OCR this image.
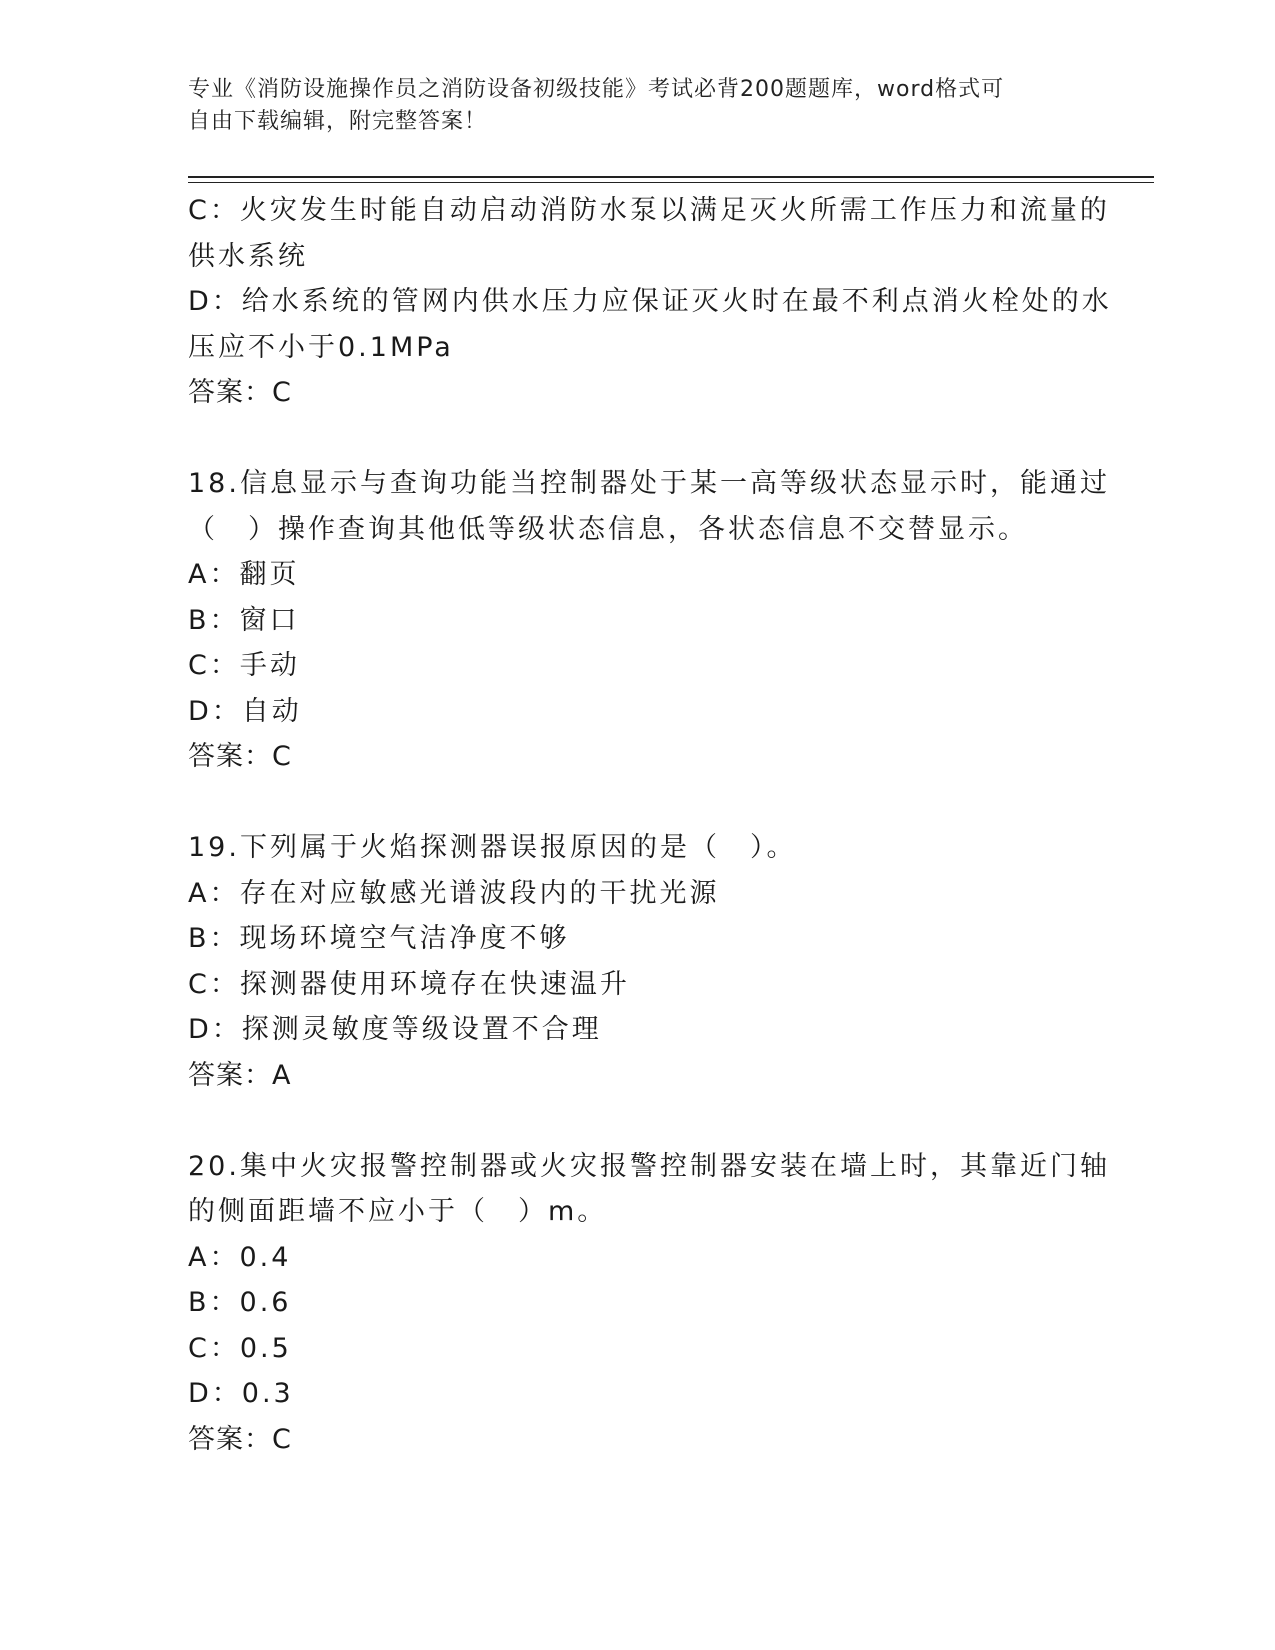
专业《消防设施操作员之消防设备初级技能》考试必背200题题库，word格式可
自由下载编辑，附完整答案！
C：火灾发生时能自动启动消防水泵以满足灭火所需工作压力和流量的
供水系统
D：给水系统的管网内供水压力应保证灭火时在最不利点消火栓处的水
压应不小于0.1MPa
答案：C
18.信息显示与查询功能当控制器处于某一高等级状态显示时，能通过
（　）操作查询其他低等级状态信息，各状态信息不交替显示。
A：翻页
B：窗口
C：手动
D：自动
答案：C
19.下列属于火焰探测器误报原因的是（　）。
A：存在对应敏感光谱波段内的干扰光源
B：现场环境空气洁净度不够
C：探测器使用环境存在快速温升
D：探测灵敏度等级设置不合理
答案：A
20.集中火灾报警控制器或火灾报警控制器安装在墙上时，其靠近门轴
的侧面距墙不应小于（　）m。
A：0.4
B：0.6
C：0.5
D：0.3
答案：C
